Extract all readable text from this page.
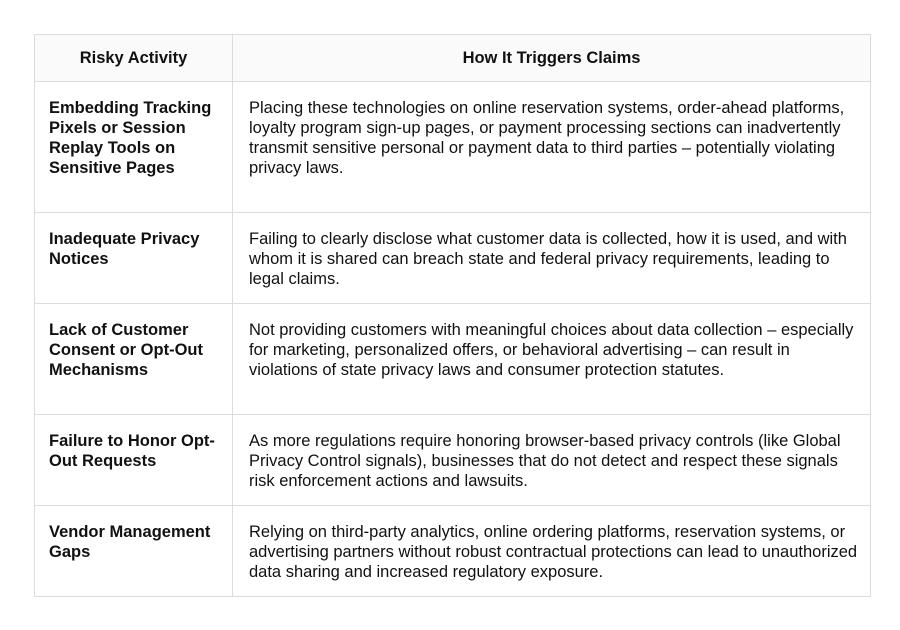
Risky Activity	How It Triggers Claims
Embedding Tracking Pixels or Session Replay Tools on Sensitive Pages	Placing these technologies on online reservation systems, order-ahead platforms, loyalty program sign-up pages, or payment processing sections can inadvertently transmit sensitive personal or payment data to third parties – potentially violating privacy laws.
Inadequate Privacy Notices	Failing to clearly disclose what customer data is collected, how it is used, and with whom it is shared can breach state and federal privacy requirements, leading to legal claims.
Lack of Customer Consent or Opt-Out Mechanisms	Not providing customers with meaningful choices about data collection – especially for marketing, personalized offers, or behavioral advertising – can result in violations of state privacy laws and consumer protection statutes.
Failure to Honor Opt-Out Requests	As more regulations require honoring browser-based privacy controls (like Global Privacy Control signals), businesses that do not detect and respect these signals risk enforcement actions and lawsuits.
Vendor Management Gaps	Relying on third-party analytics, online ordering platforms, reservation systems, or advertising partners without robust contractual protections can lead to unauthorized data sharing and increased regulatory exposure.
